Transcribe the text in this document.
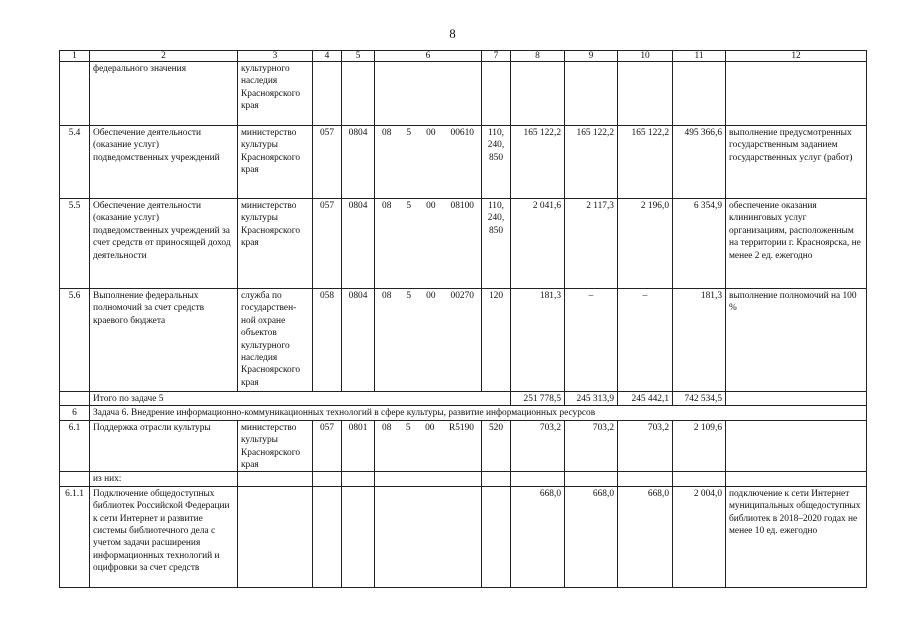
8
1	2	3	4	5	6	7	8	9	10	11	12
	федерального значения	культурного наследия Красноярского края									
5.4	Обеспечение деятельности (оказание услуг) подведомственных учреждений	министерство культуры Красноярского края	057	0804	08 5 00 00610	110, 240, 850	165 122,2	165 122,2	165 122,2	495 366,6	выполнение предусмотренных государственным заданием государственных услуг (работ)
5.5	Обеспечение деятельности (оказание услуг) подведомственных учреждений за счет средств от приносящей доход деятельности	министерство культуры Красноярского края	057	0804	08 5 00 08100	110, 240, 850	2 041,6	2 117,3	2 196,0	6 354,9	обеспечение оказания клининговых услуг организациям, расположенным на территории г. Красноярска, не менее 2 ед. ежегодно
5.6	Выполнение федеральных полномочий за счет средств краевого бюджета	служба по государствен-ной охране объектов культурного наследия Красноярского края	058	0804	08 5 00 00270	120	181,3	–	–	181,3	выполнение полномочий на 100 %
	Итого по задаче 5						251 778,5	245 313,9	245 442,1	742 534,5	
6	Задача 6. Внедрение информационно-коммуникационных технологий в сфере культуры, развитие информационных ресурсов										
6.1	Поддержка отрасли культуры	министерство культуры Красноярского края	057	0801	08 5 00 R5190	520	703,2	703,2	703,2	2 109,6	
	из них:										
6.1.1	Подключение общедоступных библиотек Российской Федерации к сети Интернет и развитие системы библиотечного дела с учетом задачи расширения информационных технологий и оцифровки за счет средств						668,0	668,0	668,0	2 004,0	подключение к сети Интернет муниципальных общедоступных библиотек в 2018–2020 годах не менее 10 ед. ежегодно
